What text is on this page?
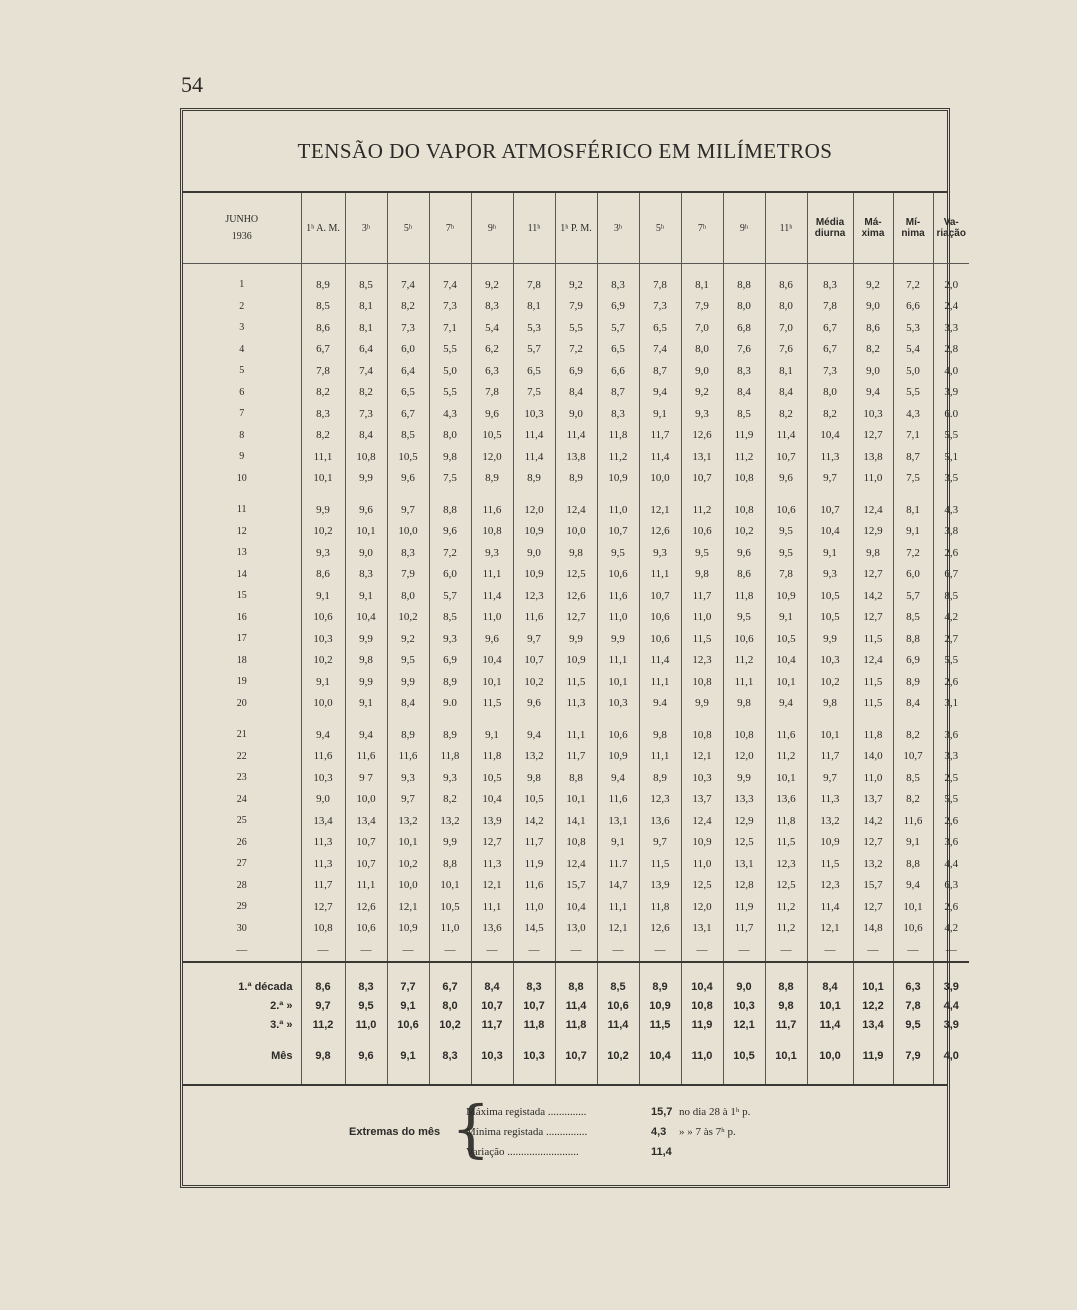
54
TENSÃO DO VAPOR ATMOSFÉRICO EM MILÍMETROS
JUNHO
1936	1ʰ A. M.	3ʰ	5ʰ	7ʰ	9ʰ	11ʰ	1ʰ P. M.	3ʰ	5ʰ	7ʰ	9ʰ	11ʰ	Média diurna	Má- xima	Mí- nima	Va- riação

1	8,9	8,5	7,4	7,4	9,2	7,8	9,2	8,3	7,8	8,1	8,8	8,6	8,3	9,2	7,2	2,0
2	8,5	8,1	8,2	7,3	8,3	8,1	7,9	6,9	7,3	7,9	8,0	8,0	7,8	9,0	6,6	2,4
3	8,6	8,1	7,3	7,1	5,4	5,3	5,5	5,7	6,5	7,0	6,8	7,0	6,7	8,6	5,3	3,3
4	6,7	6,4	6,0	5,5	6,2	5,7	7,2	6,5	7,4	8,0	7,6	7,6	6,7	8,2	5,4	2,8
5	7,8	7,4	6,4	5,0	6,3	6,5	6,9	6,6	8,7	9,0	8,3	8,1	7,3	9,0	5,0	4,0
6	8,2	8,2	6,5	5,5	7,8	7,5	8,4	8,7	9,4	9,2	8,4	8,4	8,0	9,4	5,5	3,9
7	8,3	7,3	6,7	4,3	9,6	10,3	9,0	8,3	9,1	9,3	8,5	8,2	8,2	10,3	4,3	6.0
8	8,2	8,4	8,5	8,0	10,5	11,4	11,4	11,8	11,7	12,6	11,9	11,4	10,4	12,7	7,1	5,5
9	11,1	10,8	10,5	9,8	12,0	11,4	13,8	11,2	11,4	13,1	11,2	10,7	11,3	13,8	8,7	5,1
10	10,1	9,9	9,6	7,5	8,9	8,9	8,9	10,9	10,0	10,7	10,8	9,6	9,7	11,0	7,5	3,5

11	9,9	9,6	9,7	8,8	11,6	12,0	12,4	11,0	12,1	11,2	10,8	10,6	10,7	12,4	8,1	4,3
12	10,2	10,1	10,0	9,6	10,8	10,9	10,0	10,7	12,6	10,6	10,2	9,5	10,4	12,9	9,1	3,8
13	9,3	9,0	8,3	7,2	9,3	9,0	9,8	9,5	9,3	9,5	9,6	9,5	9,1	9,8	7,2	2,6
14	8,6	8,3	7,9	6,0	11,1	10,9	12,5	10,6	11,1	9,8	8,6	7,8	9,3	12,7	6,0	6,7
15	9,1	9,1	8,0	5,7	11,4	12,3	12,6	11,6	10,7	11,7	11,8	10,9	10,5	14,2	5,7	8,5
16	10,6	10,4	10,2	8,5	11,0	11,6	12,7	11,0	10,6	11,0	9,5	9,1	10,5	12,7	8,5	4,2
17	10,3	9,9	9,2	9,3	9,6	9,7	9,9	9,9	10,6	11,5	10,6	10,5	9,9	11,5	8,8	2,7
18	10,2	9,8	9,5	6,9	10,4	10,7	10,9	11,1	11,4	12,3	11,2	10,4	10,3	12,4	6,9	5,5
19	9,1	9,9	9,9	8,9	10,1	10,2	11,5	10,1	11,1	10,8	11,1	10,1	10,2	11,5	8,9	2,6
20	10,0	9,1	8,4	9.0	11,5	9,6	11,3	10,3	9.4	9,9	9,8	9,4	9,8	11,5	8,4	3,1

21	9,4	9,4	8,9	8,9	9,1	9,4	11,1	10,6	9,8	10,8	10,8	11,6	10,1	11,8	8,2	3,6
22	11,6	11,6	11,6	11,8	11,8	13,2	11,7	10,9	11,1	12,1	12,0	11,2	11,7	14,0	10,7	3,3
23	10,3	9 7	9,3	9,3	10,5	9,8	8,8	9,4	8,9	10,3	9,9	10,1	9,7	11,0	8,5	2,5
24	9,0	10,0	9,7	8,2	10,4	10,5	10,1	11,6	12,3	13,7	13,3	13,6	11,3	13,7	8,2	5,5
25	13,4	13,4	13,2	13,2	13,9	14,2	14,1	13,1	13,6	12,4	12,9	11,8	13,2	14,2	11,6	2,6
26	11,3	10,7	10,1	9,9	12,7	11,7	10,8	9,1	9,7	10,9	12,5	11,5	10,9	12,7	9,1	3,6
27	11,3	10,7	10,2	8,8	11,3	11,9	12,4	11.7	11,5	11,0	13,1	12,3	11,5	13,2	8,8	4,4
28	11,7	11,1	10,0	10,1	12,1	11,6	15,7	14,7	13,9	12,5	12,8	12,5	12,3	15,7	9,4	6,3
29	12,7	12,6	12,1	10,5	11,1	11,0	10,4	11,1	11,8	12,0	11,9	11,2	11,4	12,7	10,1	2,6
30	10,8	10,6	10,9	11,0	13,6	14,5	13,0	12,1	12,6	13,1	11,7	11,2	12,1	14,8	10,6	4,2
—	—	—	—	—	—	—	—	—	—	—	—	—	—	—	—	—
1.ª década	8,6	8,3	7,7	6,7	8,4	8,3	8,8	8,5	8,9	10,4	9,0	8,8	8,4	10,1	6,3	3,9
2.ª »	9,7	9,5	9,1	8,0	10,7	10,7	11,4	10,6	10,9	10,8	10,3	9,8	10,1	12,2	7,8	4,4
3.ª »	11,2	11,0	10,6	10,2	11,7	11,8	11,8	11,4	11,5	11,9	12,1	11,7	11,4	13,4	9,5	3,9

Mês	9,8	9,6	9,1	8,3	10,3	10,3	10,7	10,2	10,4	11,0	10,5	10,1	10,0	11,9	7,9	4,0
Extremas do mês {
Máxima registada ..............	15,7 no dia 28 à 1ʰ p.
Mínima registada ...............	4,3	» » 7 às 7ʰ p.
Variação ..........................	11,4
